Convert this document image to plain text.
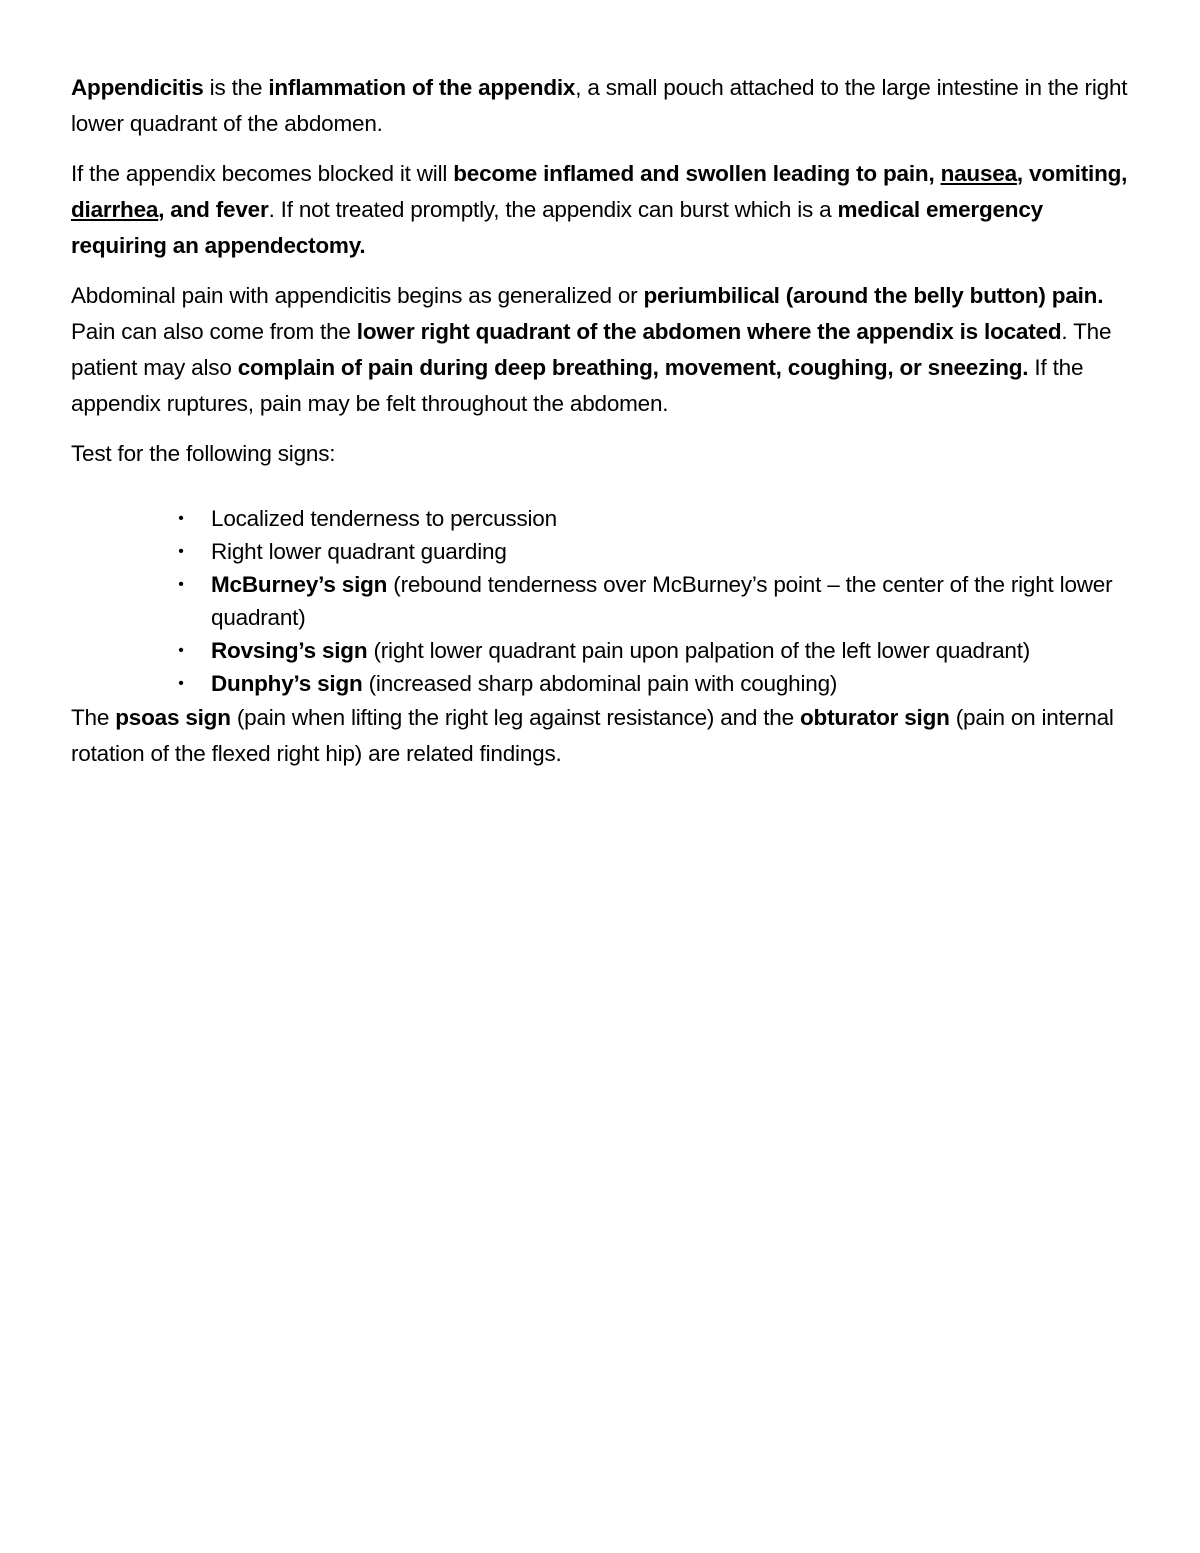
Appendicitis is the inflammation of the appendix, a small pouch attached to the large intestine in the right lower quadrant of the abdomen.

If the appendix becomes blocked it will become inflamed and swollen leading to pain, nausea, vomiting, diarrhea, and fever. If not treated promptly, the appendix can burst which is a medical emergency requiring an appendectomy.

Abdominal pain with appendicitis begins as generalized or periumbilical (around the belly button) pain. Pain can also come from the lower right quadrant of the abdomen where the appendix is located. The patient may also complain of pain during deep breathing, movement, coughing, or sneezing. If the appendix ruptures, pain may be felt throughout the abdomen.

Test for the following signs:

• Localized tenderness to percussion
• Right lower quadrant guarding
• McBurney’s sign (rebound tenderness over McBurney’s point – the center of the right lower quadrant)
• Rovsing’s sign (right lower quadrant pain upon palpation of the left lower quadrant)
• Dunphy’s sign (increased sharp abdominal pain with coughing)

The psoas sign (pain when lifting the right leg against resistance) and the obturator sign (pain on internal rotation of the flexed right hip) are related findings.
